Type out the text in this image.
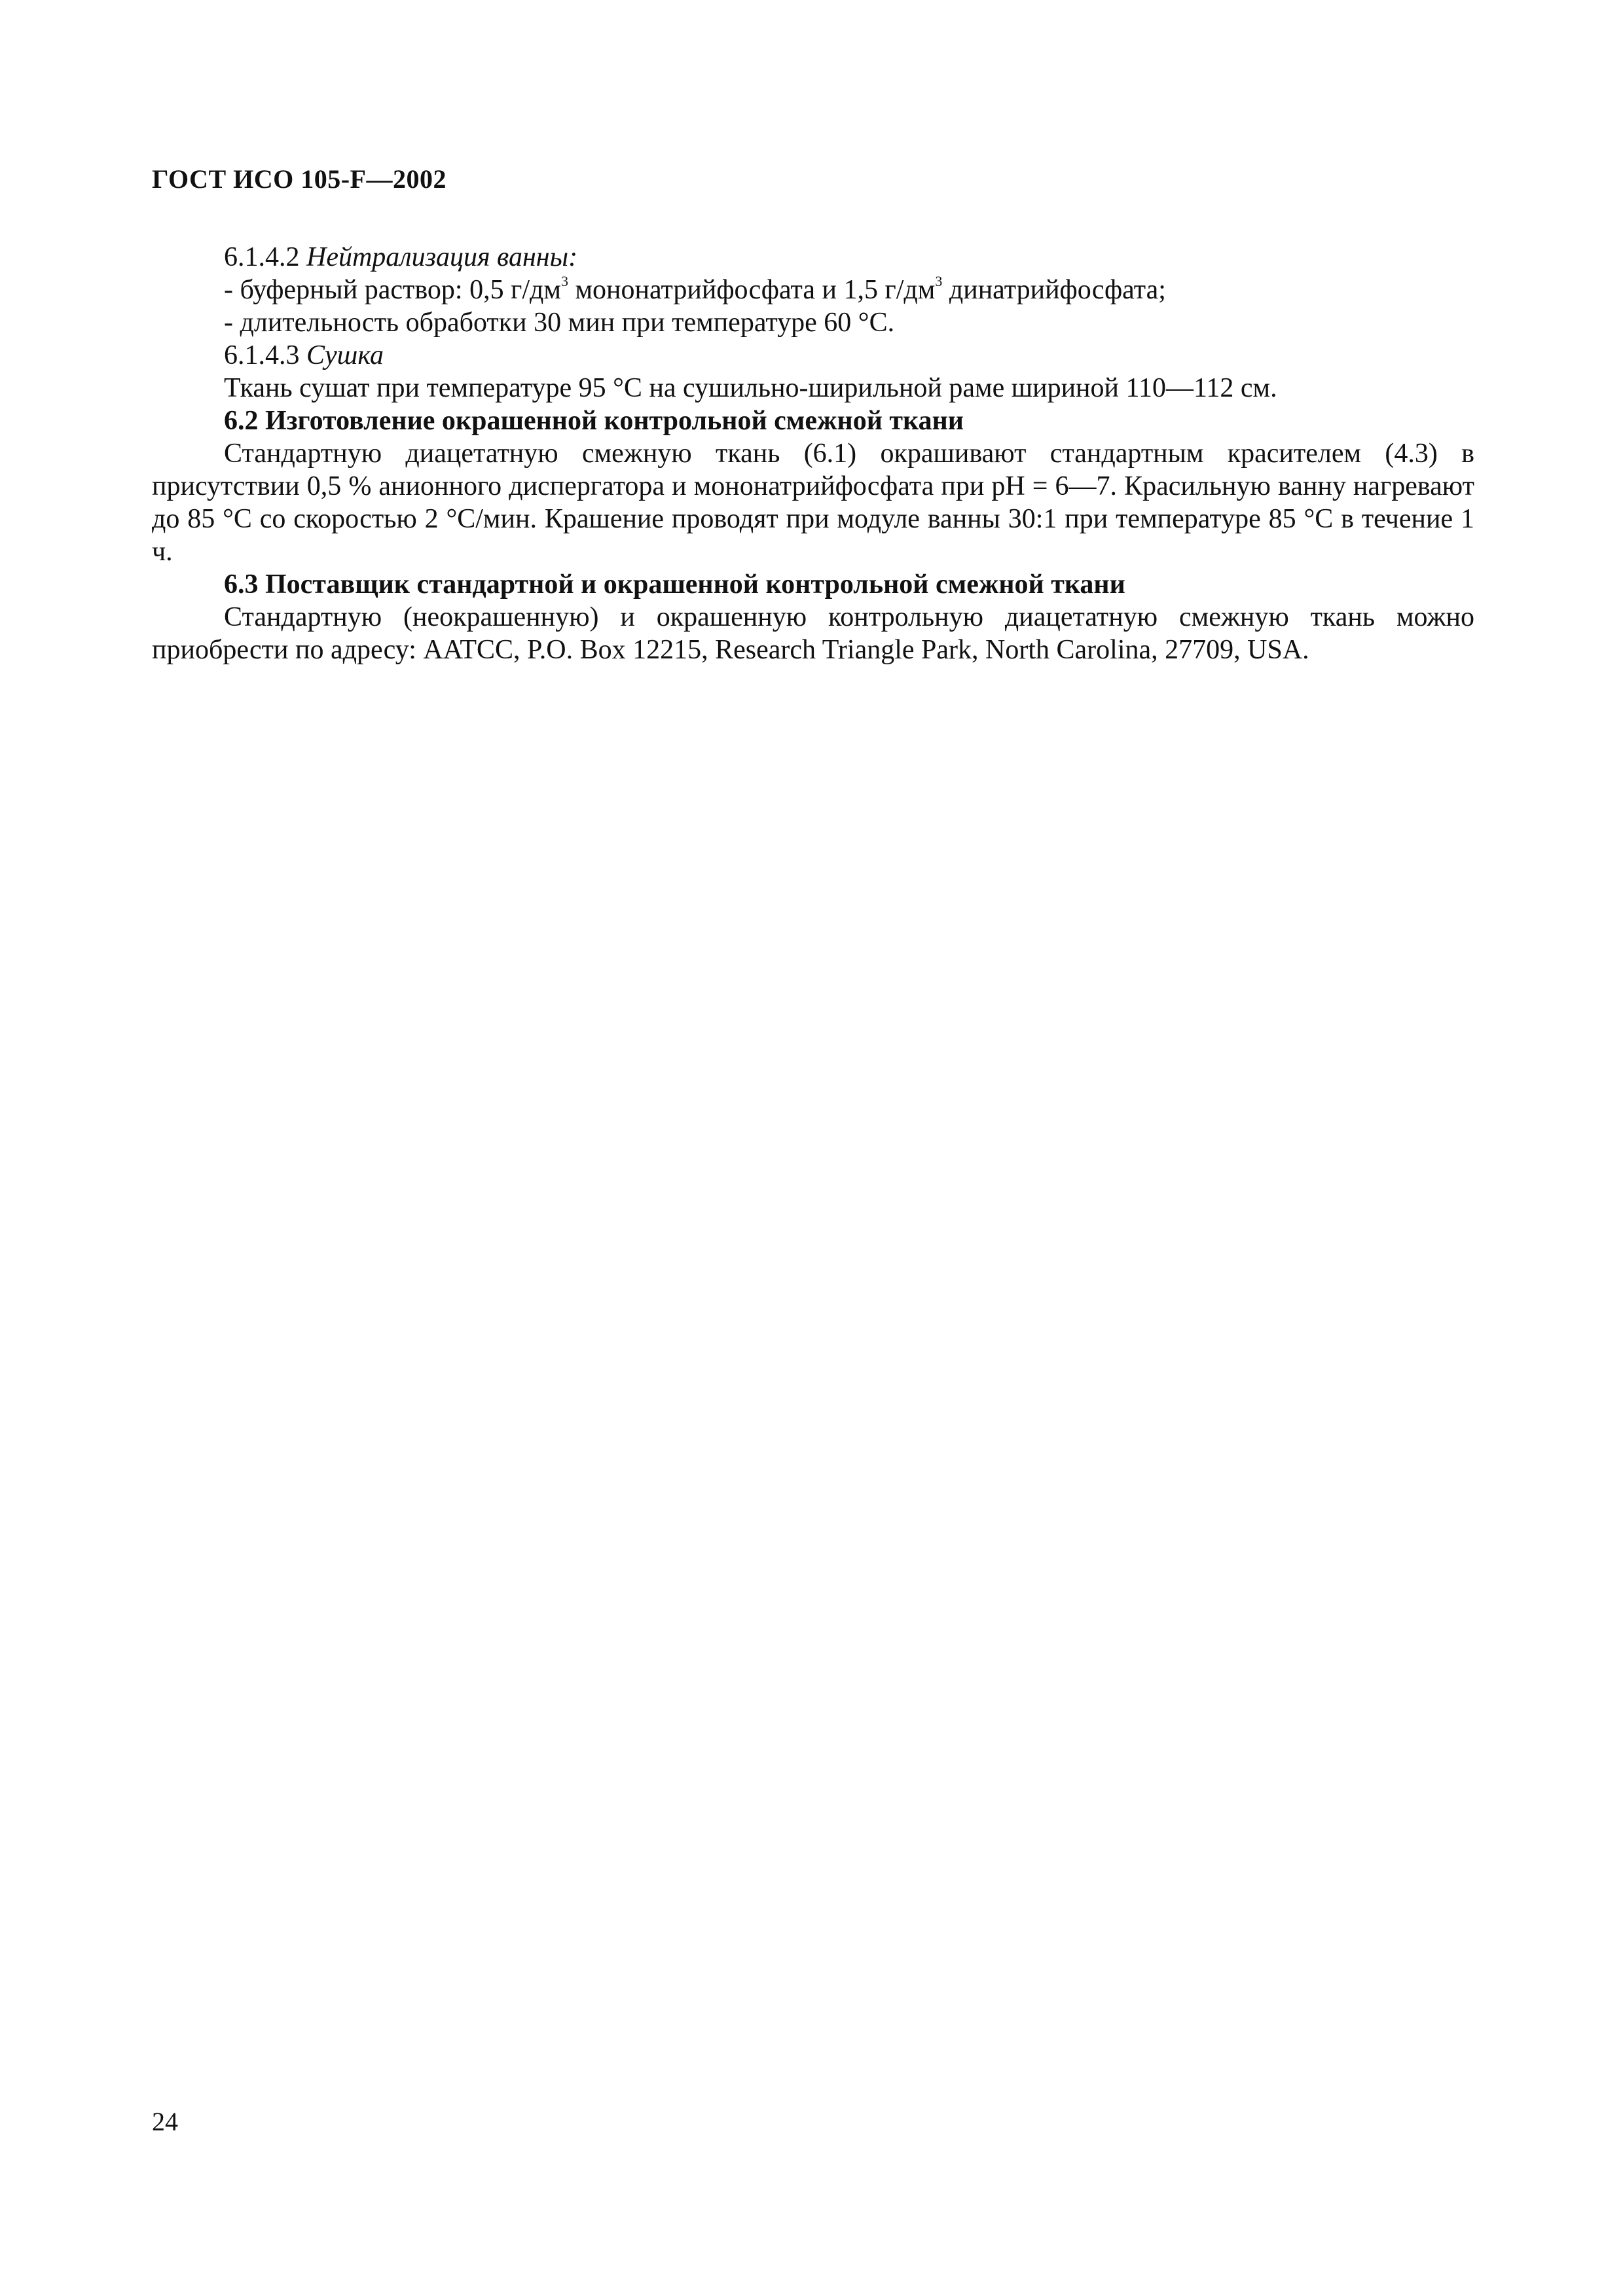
ГОСТ ИСО 105-F—2002

6.1.4.2 Нейтрализация ванны:

- буферный раствор: 0,5 $г/дм^3$ мононатрийфосфата и 1,5 $г/дм^3$ динатрийфосфата;

- длительность обработки 30 мин при температуре 60 °С.

6.1.4.3 Сушка

Ткань сушат при температуре 95 °С на сушильно-ширильной раме шириной 110—112 см.

6.2 Изготовление окрашенной контрольной смежной ткани

Стандартную диацетатную смежную ткань (6.1) окрашивают стандартным красителем (4.3) в присутствии 0,5 % анионного диспергатора и мононатрийфосфата при рН = 6—7. Красильную ванну нагревают до 85 °С со скоростью 2 °С/мин. Крашение проводят при модуле ванны 30:1 при температуре 85 °С в течение 1 ч.

6.3 Поставщик стандартной и окрашенной контрольной смежной ткани

Стандартную (неокрашенную) и окрашенную контрольную диацетатную смежную ткань можно приобрести по адресу: AATCC, P.O. Box 12215, Research Triangle Park, North Carolina, 27709, USA.

24
